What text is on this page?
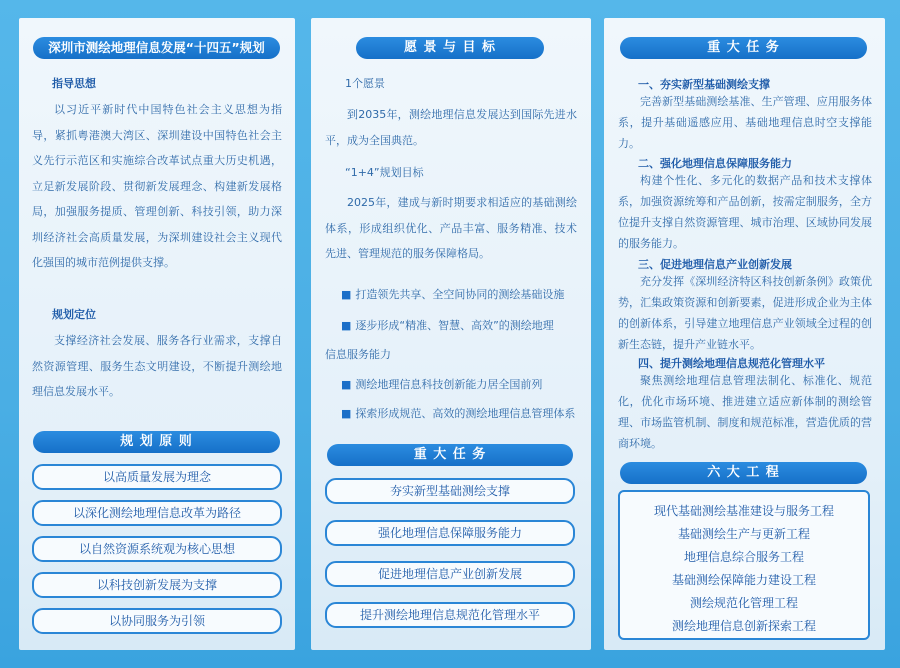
深圳市测绘地理信息发展“十四五”规划
指导思想
以习近平新时代中国特色社会主义思想为指导，紧抓粤港澳大湾区、深圳建设中国特色社会主义先行示范区和实施综合改革试点重大历史机遇，立足新发展阶段、贯彻新发展理念、构建新发展格局，加强服务提质、管理创新、科技引领，助力深圳经济社会高质量发展，为深圳建设社会主义现代化强国的城市范例提供支撑。
规划定位
支撑经济社会发展、服务各行业需求，支撑自然资源管理、服务生态文明建设，不断提升测绘地理信息发展水平。
规 划 原 则
以高质量发展为理念
以深化测绘地理信息改革为路径
以自然资源系统观为核心思想
以科技创新发展为支撑
以协同服务为引领
愿 景 与 目 标
1个愿景
到2035年，测绘地理信息发展达到国际先进水平，成为全国典范。
“1+4”规划目标
2025年，建成与新时期要求相适应的基础测绘体系，形成组织优化、产品丰富、服务精准、技术先进、管理规范的服务保障格局。
■ 打造领先共享、全空间协同的测绘基础设施
■ 逐步形成“精准、智慧、高效”的测绘地理
信息服务能力
■ 测绘地理信息科技创新能力居全国前列
■ 探索形成规范、高效的测绘地理信息管理体系
重 大 任 务
夯实新型基础测绘支撑
强化地理信息保障服务能力
促进地理信息产业创新发展
提升测绘地理信息规范化管理水平
重 大 任 务
一、夯实新型基础测绘支撑
完善新型基础测绘基准、生产管理、应用服务体系，提升基础遥感应用、基础地理信息时空支撑能力。
二、强化地理信息保障服务能力
构建个性化、多元化的数据产品和技术支撑体系，加强资源统筹和产品创新，按需定制服务，全方位提升支撑自然资源管理、城市治理、区域协同发展的服务能力。
三、促进地理信息产业创新发展
充分发挥《深圳经济特区科技创新条例》政策优势，汇集政策资源和创新要素，促进形成企业为主体的创新体系，引导建立地理信息产业领域全过程的创新生态链，提升产业链水平。
四、提升测绘地理信息规范化管理水平
聚焦测绘地理信息管理法制化、标准化、规范化，优化市场环境、推进建立适应新体制的测绘管理、市场监管机制、制度和规范标准，营造优质的营商环境。
六 大 工 程
现代基础测绘基准建设与服务工程
基础测绘生产与更新工程
地理信息综合服务工程
基础测绘保障能力建设工程
测绘规范化管理工程
测绘地理信息创新探索工程
